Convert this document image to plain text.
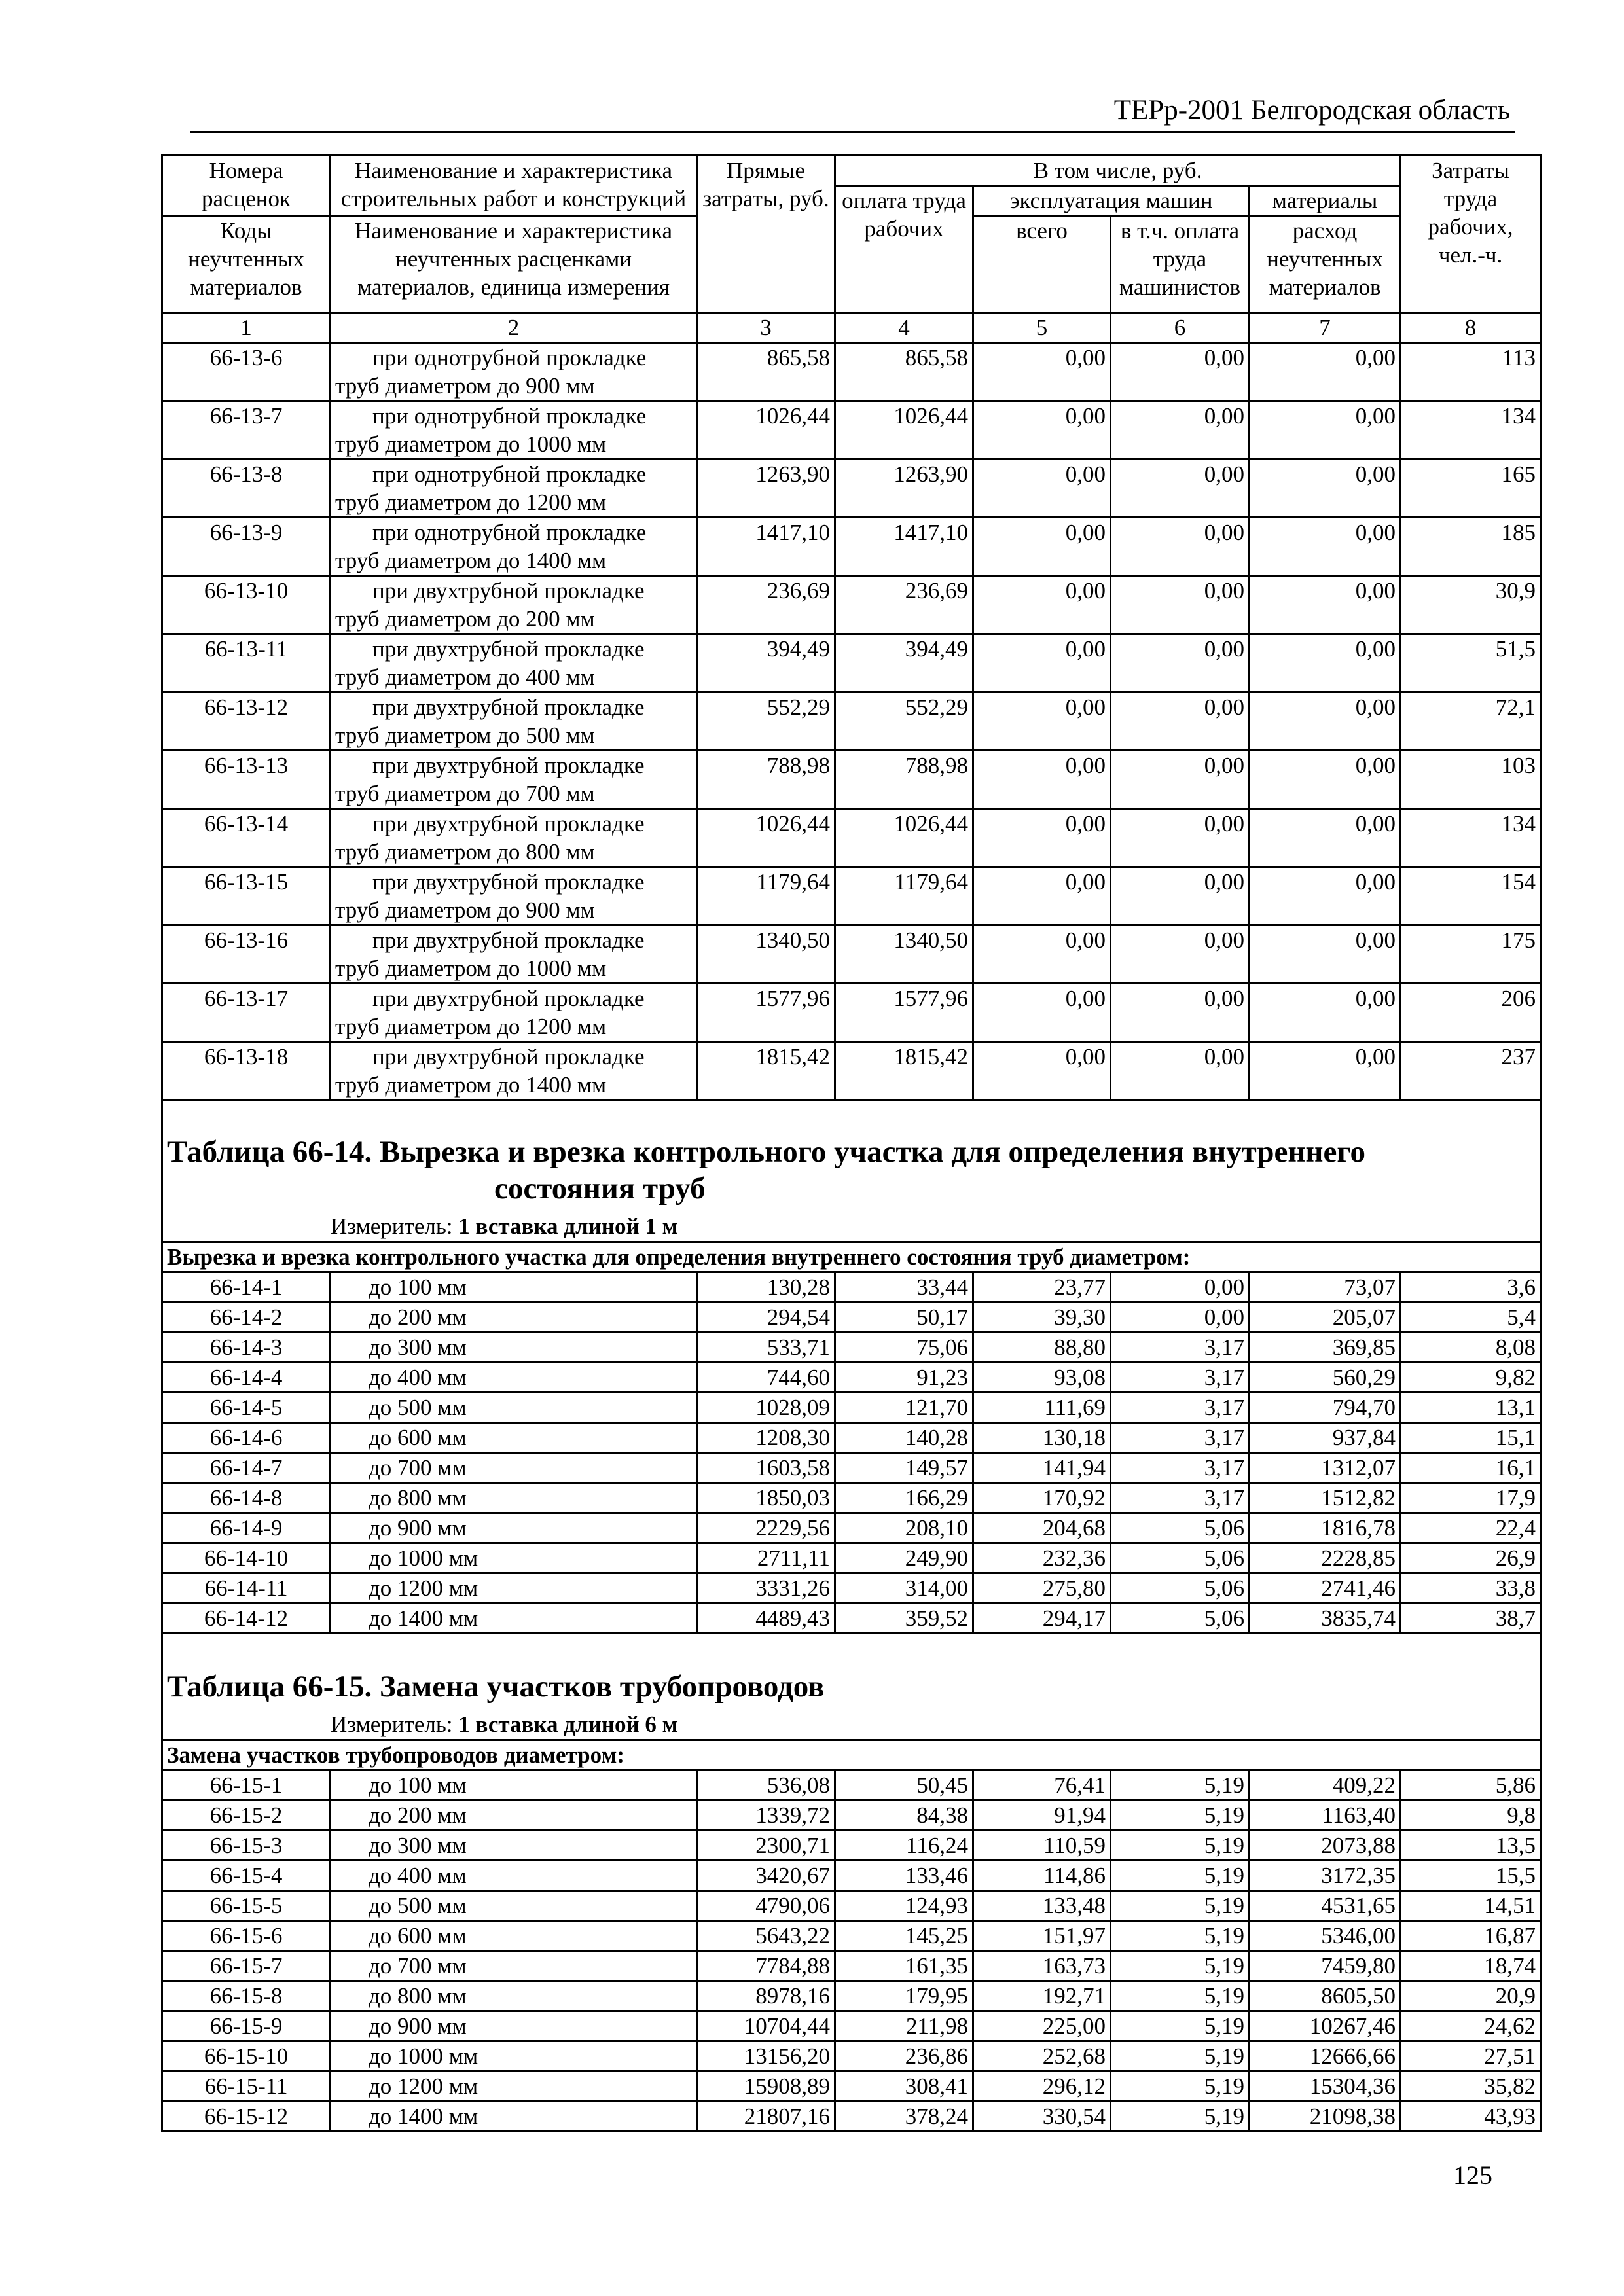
ТЕРр-2001 Белгородская область
Номера расценок	Наименование и характеристика строительных работ и конструкций	Прямые затраты, руб.	В том числе, руб.				Затраты труда рабочих, чел.-ч.
			оплата труда рабочих	эксплуатация машин		материалы	
Коды неучтенных материалов	Наименование и характеристика неучтенных расценками материалов, единица измерения			всего	в т.ч. оплата труда машинистов	расход неучтенных материалов	
1	2	3	4	5	6	7	8
66-13-6	при однотрубной прокладке
труб диаметром до 900 мм	865,58	865,58	0,00	0,00	0,00	113
66-13-7	при однотрубной прокладке
труб диаметром до 1000 мм	1026,44	1026,44	0,00	0,00	0,00	134
66-13-8	при однотрубной прокладке
труб диаметром до 1200 мм	1263,90	1263,90	0,00	0,00	0,00	165
66-13-9	при однотрубной прокладке
труб диаметром до 1400 мм	1417,10	1417,10	0,00	0,00	0,00	185
66-13-10	при двухтрубной прокладке
труб диаметром до 200 мм	236,69	236,69	0,00	0,00	0,00	30,9
66-13-11	при двухтрубной прокладке
труб диаметром до 400 мм	394,49	394,49	0,00	0,00	0,00	51,5
66-13-12	при двухтрубной прокладке
труб диаметром до 500 мм	552,29	552,29	0,00	0,00	0,00	72,1
66-13-13	при двухтрубной прокладке
труб диаметром до 700 мм	788,98	788,98	0,00	0,00	0,00	103
66-13-14	при двухтрубной прокладке
труб диаметром до 800 мм	1026,44	1026,44	0,00	0,00	0,00	134
66-13-15	при двухтрубной прокладке
труб диаметром до 900 мм	1179,64	1179,64	0,00	0,00	0,00	154
66-13-16	при двухтрубной прокладке
труб диаметром до 1000 мм	1340,50	1340,50	0,00	0,00	0,00	175
66-13-17	при двухтрубной прокладке
труб диаметром до 1200 мм	1577,96	1577,96	0,00	0,00	0,00	206
66-13-18	при двухтрубной прокладке
труб диаметром до 1400 мм	1815,42	1815,42	0,00	0,00	0,00	237

Таблица 66-14. Вырезка и врезка контрольного участка для определения внутреннего
состояния труб
Измеритель: 1 вставка длиной 1 м							

Вырезка и врезка контрольного участка для определения внутреннего состояния труб диаметром:							
66-14-1	до 100 мм	130,28	33,44	23,77	0,00	73,07	3,6
66-14-2	до 200 мм	294,54	50,17	39,30	0,00	205,07	5,4
66-14-3	до 300 мм	533,71	75,06	88,80	3,17	369,85	8,08
66-14-4	до 400 мм	744,60	91,23	93,08	3,17	560,29	9,82
66-14-5	до 500 мм	1028,09	121,70	111,69	3,17	794,70	13,1
66-14-6	до 600 мм	1208,30	140,28	130,18	3,17	937,84	15,1
66-14-7	до 700 мм	1603,58	149,57	141,94	3,17	1312,07	16,1
66-14-8	до 800 мм	1850,03	166,29	170,92	3,17	1512,82	17,9
66-14-9	до 900 мм	2229,56	208,10	204,68	5,06	1816,78	22,4
66-14-10	до 1000 мм	2711,11	249,90	232,36	5,06	2228,85	26,9
66-14-11	до 1200 мм	3331,26	314,00	275,80	5,06	2741,46	33,8
66-14-12	до 1400 мм	4489,43	359,52	294,17	5,06	3835,74	38,7

Таблица 66-15. Замена участков трубопроводов
Измеритель: 1 вставка длиной 6 м							

Замена участков трубопроводов диаметром:							
66-15-1	до 100 мм	536,08	50,45	76,41	5,19	409,22	5,86
66-15-2	до 200 мм	1339,72	84,38	91,94	5,19	1163,40	9,8
66-15-3	до 300 мм	2300,71	116,24	110,59	5,19	2073,88	13,5
66-15-4	до 400 мм	3420,67	133,46	114,86	5,19	3172,35	15,5
66-15-5	до 500 мм	4790,06	124,93	133,48	5,19	4531,65	14,51
66-15-6	до 600 мм	5643,22	145,25	151,97	5,19	5346,00	16,87
66-15-7	до 700 мм	7784,88	161,35	163,73	5,19	7459,80	18,74
66-15-8	до 800 мм	8978,16	179,95	192,71	5,19	8605,50	20,9
66-15-9	до 900 мм	10704,44	211,98	225,00	5,19	10267,46	24,62
66-15-10	до 1000 мм	13156,20	236,86	252,68	5,19	12666,66	27,51
66-15-11	до 1200 мм	15908,89	308,41	296,12	5,19	15304,36	35,82
66-15-12	до 1400 мм	21807,16	378,24	330,54	5,19	21098,38	43,93
125
